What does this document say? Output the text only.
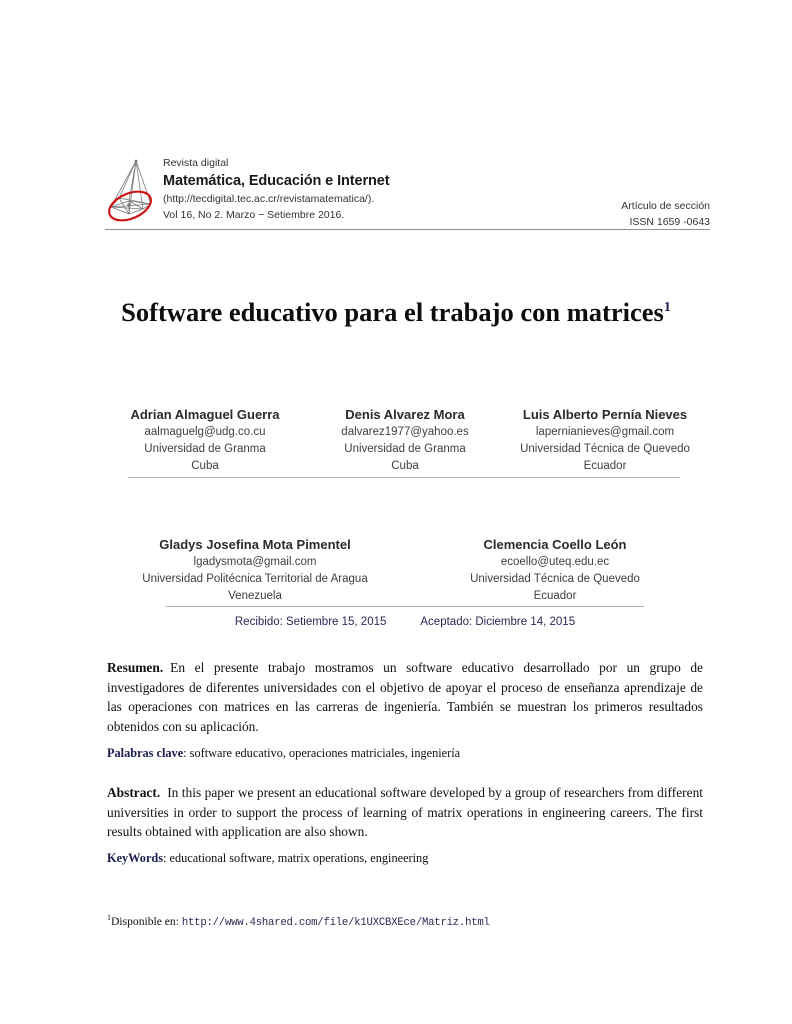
Revista digital
Matemática, Educación e Internet
(http://tecdigital.tec.ac.cr/revistamatematica/).
Vol 16, No 2. Marzo − Setiembre 2016.
Artículo de sección
ISSN 1659 -0643
Software educativo para el trabajo con matrices$^1$
Adrian Almaguel Guerra
aalmaguelg@udg.co.cu
Universidad de Granma
Cuba
Denis Alvarez Mora
dalvarez1977@yahoo.es
Universidad de Granma
Cuba
Luis Alberto Pernía Nieves
lapernianieves@gmail.com
Universidad Técnica de Quevedo
Ecuador
Gladys Josefina Mota Pimentel
lgadysmota@gmail.com
Universidad Politécnica Territorial de Aragua
Venezuela
Clemencia Coello León
ecoello@uteq.edu.ec
Universidad Técnica de Quevedo
Ecuador
Recibido: Setiembre 15, 2015	Aceptado: Diciembre 14, 2015
Resumen. En el presente trabajo mostramos un software educativo desarrollado por un grupo de investigadores de diferentes universidades con el objetivo de apoyar el proceso de enseñanza aprendizaje de las operaciones con matrices en las carreras de ingeniería. También se muestran los primeros resultados obtenidos con su aplicación.
Palabras clave: software educativo, operaciones matriciales, ingeniería
Abstract. In this paper we present an educational software developed by a group of researchers from different universities in order to support the process of learning of matrix operations in engineering careers. The first results obtained with application are also shown.
KeyWords: educational software, matrix operations, engineering
$^1$Disponible en: http://www.4shared.com/file/k1UXCBXEce/Matriz.html
